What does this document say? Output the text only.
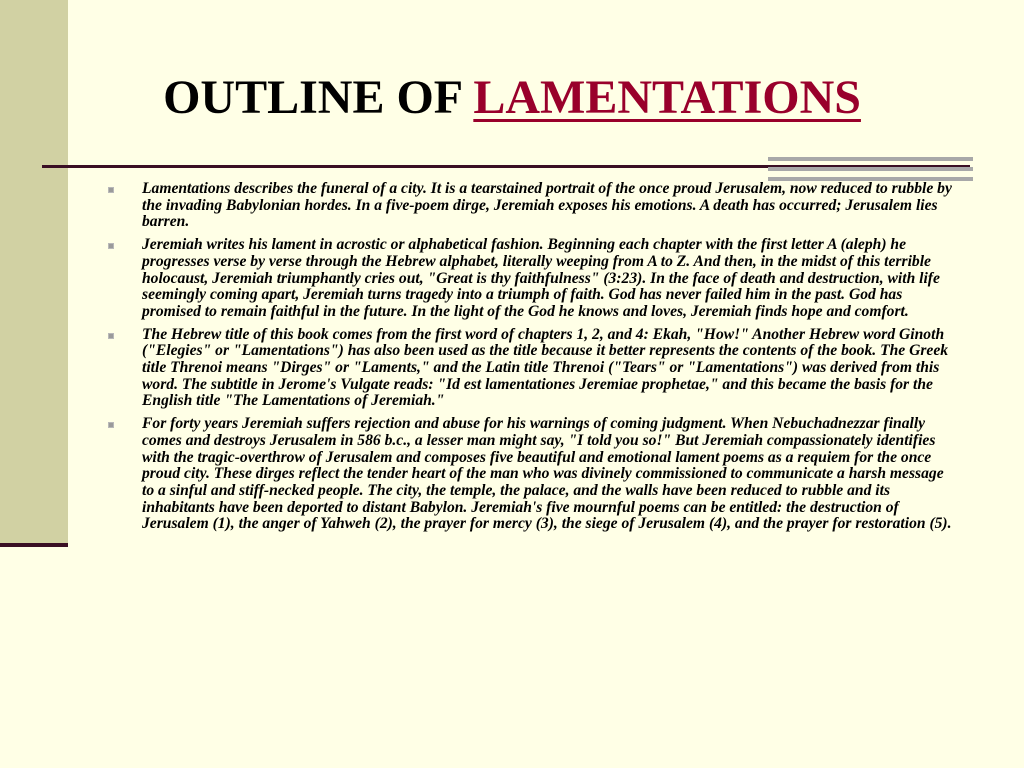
OUTLINE OF LAMENTATIONS
Lamentations describes the funeral of a city. It is a tearstained portrait of the once proud Jerusalem, now reduced to rubble by the invading Babylonian hordes. In a five-poem dirge, Jeremiah exposes his emotions. A death has occurred; Jerusalem lies barren.
Jeremiah writes his lament in acrostic or alphabetical fashion. Beginning each chapter with the first letter A (aleph) he progresses verse by verse through the Hebrew alphabet, literally weeping from A to Z. And then, in the midst of this terrible holocaust, Jeremiah triumphantly cries out, "Great is thy faithfulness" (3:23). In the face of death and destruction, with life seemingly coming apart, Jeremiah turns tragedy into a triumph of faith. God has never failed him in the past. God has promised to remain faithful in the future. In the light of the God he knows and loves, Jeremiah finds hope and comfort.
The Hebrew title of this book comes from the first word of chapters 1, 2, and 4: Ekah, "How!" Another Hebrew word Ginoth ("Elegies" or "Lamentations") has also been used as the title because it better represents the contents of the book. The Greek title Threnoi means "Dirges" or "Laments," and the Latin title Threnoi ("Tears" or "Lamentations") was derived from this word. The subtitle in Jerome's Vulgate reads: "Id est lamentationes Jeremiae prophetae," and this became the basis for the English title "The Lamentations of Jeremiah."
For forty years Jeremiah suffers rejection and abuse for his warnings of coming judgment. When Nebuchadnezzar finally comes and destroys Jerusalem in 586 b.c., a lesser man might say, "I told you so!" But Jeremiah compassionately identifies with the tragic-overthrow of Jerusalem and composes five beautiful and emotional lament poems as a requiem for the once proud city. These dirges reflect the tender heart of the man who was divinely commissioned to communicate a harsh message to a sinful and stiff-necked people. The city, the temple, the palace, and the walls have been reduced to rubble and its inhabitants have been deported to distant Babylon. Jeremiah's five mournful poems can be entitled: the destruction of Jerusalem (1), the anger of Yahweh (2), the prayer for mercy (3), the siege of Jerusalem (4), and the prayer for restoration (5).
